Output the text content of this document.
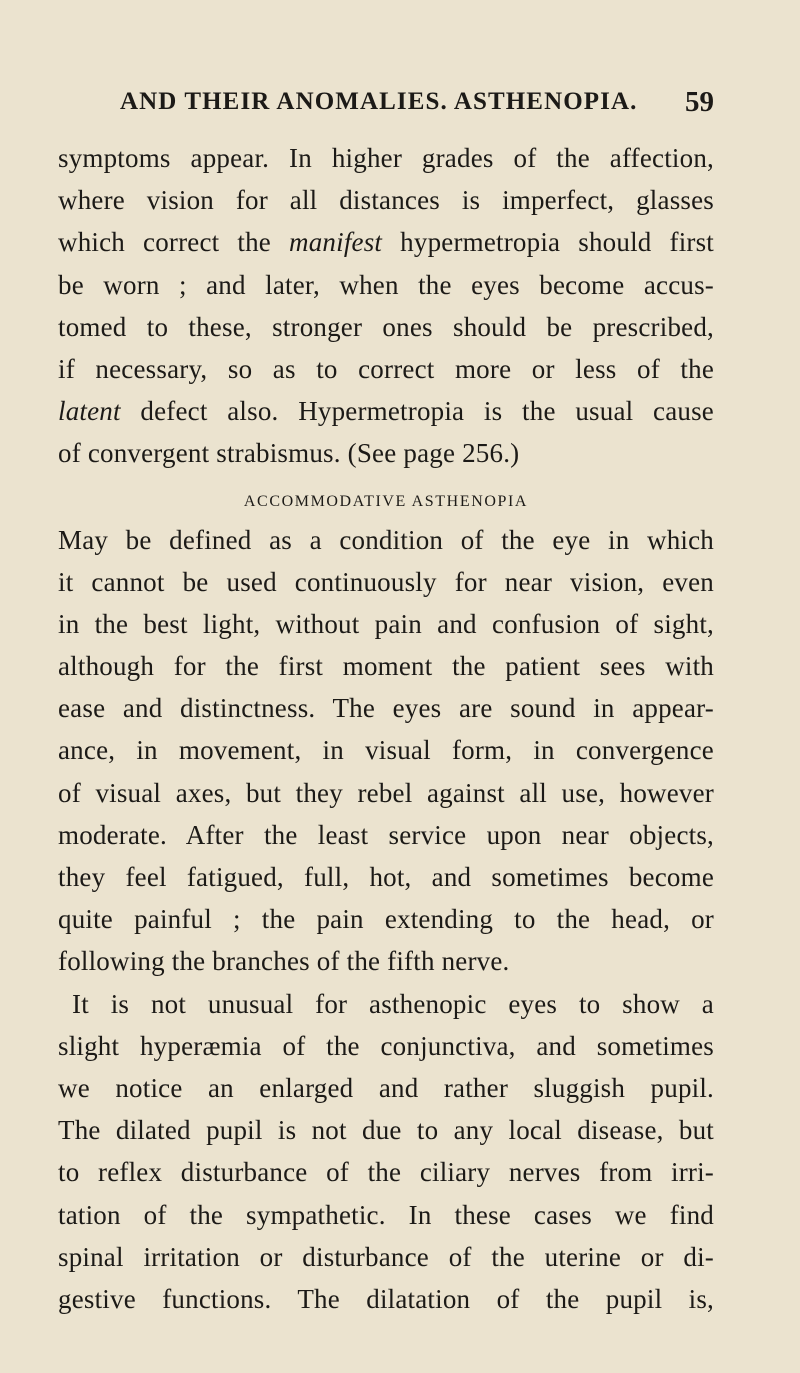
AND THEIR ANOMALIES. ASTHENOPIA. 59
symptoms appear. In higher grades of the affection,
where vision for all distances is imperfect, glasses
which correct the manifest hypermetropia should first
be worn ; and later, when the eyes become accus-
tomed to these, stronger ones should be prescribed,
if necessary, so as to correct more or less of the
latent defect also. Hypermetropia is the usual cause
of convergent strabismus. (See page 256.)
ACCOMMODATIVE ASTHENOPIA
May be defined as a condition of the eye in which
it cannot be used continuously for near vision, even
in the best light, without pain and confusion of sight,
although for the first moment the patient sees with
ease and distinctness. The eyes are sound in appear-
ance, in movement, in visual form, in convergence
of visual axes, but they rebel against all use, however
moderate. After the least service upon near objects,
they feel fatigued, full, hot, and sometimes become
quite painful ; the pain extending to the head, or
following the branches of the fifth nerve.
It is not unusual for asthenopic eyes to show a
slight hyperæmia of the conjunctiva, and sometimes
we notice an enlarged and rather sluggish pupil.
The dilated pupil is not due to any local disease, but
to reflex disturbance of the ciliary nerves from irri-
tation of the sympathetic. In these cases we find
spinal irritation or disturbance of the uterine or di-
gestive functions. The dilatation of the pupil is,
